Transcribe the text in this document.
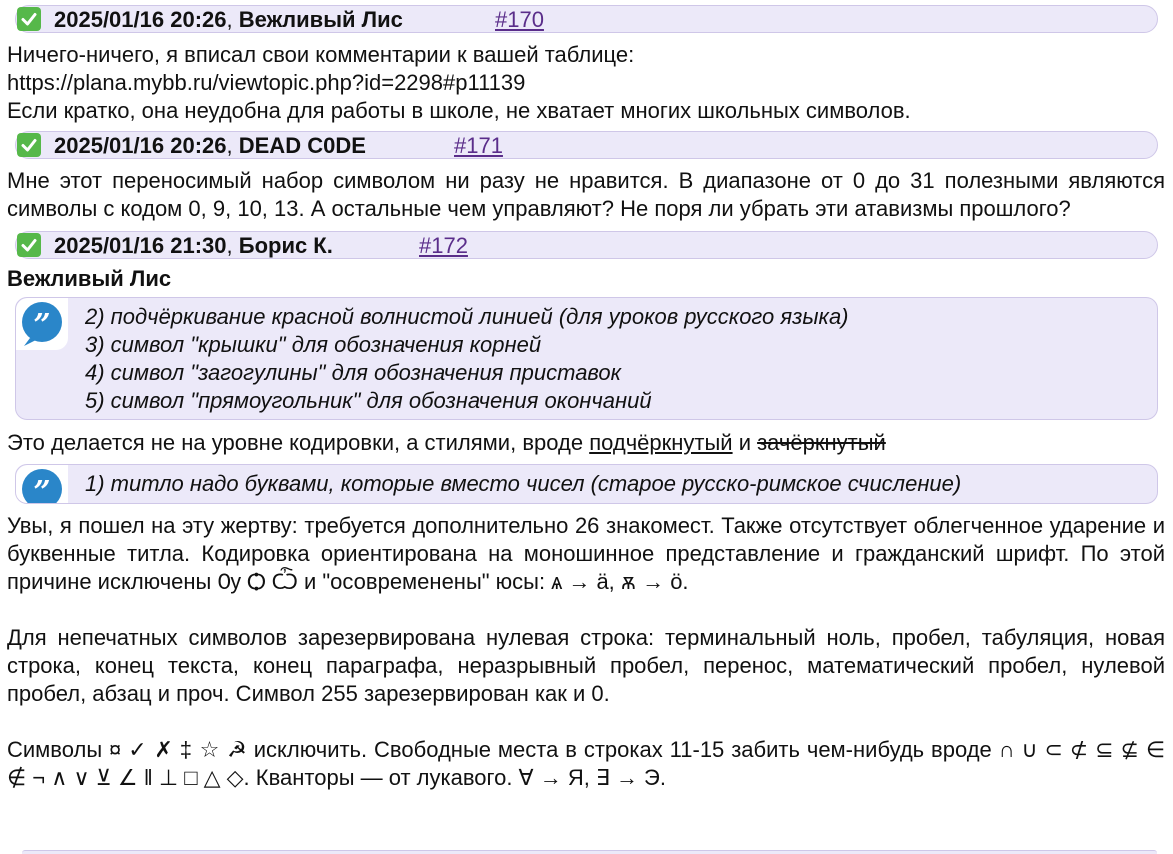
2025/01/16 20:26, Вежливый Лис	#170

Ничего-ничего, я вписал свои комментарии к вашей таблице:

https://plana.mybb.ru/viewtopic.php?id=2298#p11139

Если кратко, она неудобна для работы в школе, не хватает многих школьных символов.

2025/01/16 20:26, DEAD C0DE	#171

Мне этот переносимый набор символом ни разу не нравится. В диапазоне от 0 до 31 полезными являются символы с кодом 0, 9, 10, 13. А остальные чем управляют? Не поря ли убрать эти атавизмы прошлого?

2025/01/16 21:30, Борис К.	#172
Вежливый Лис
” 2) подчёркивание красной волнистой линией (для уроков русского языка)
3) символ "крышки" для обозначения корней
4) символ "загогулины" для обозначения приставок
5) символ "прямоугольник" для обозначения окончаний
Это делается не на уровне кодировки, а стилями, вроде подчёркнутый и зачёркнутый
” 1) титло надо буквами, которые вместо чисел (старое русско-римское счисление)

Увы, я пошел на эту жертву: требуется дополнительно 26 знакомест. Также отсутствует облегченное ударение и буквенные титла. Кодировка ориентирована на моношинное представление и гражданский шрифт. По этой причине исключены Ѹ Ѻ Ѽ и "осовременены" юсы: ѧ → ä, ѫ → ö.

Для непечатных символов зарезервирована нулевая строка: терминальный ноль, пробел, табуляция, новая строка, конец текста, конец параграфа, неразрывный пробел, перенос, математический пробел, нулевой пробел, абзац и проч. Символ 255 зарезервирован как и 0.

Символы ¤ ✓ ✗ ‡ ☆ ☭ исключить. Свободные места в строках 11-15 забить чем-нибудь вроде ∩ ∪ ⊂ ⊄ ⊆ ⊈ ∈ ∉ ¬ ∧ ∨ ⊻ ∠ ‖ ⊥ □ △ ◇. Кванторы — от лукавого. ∀ → Я, ∃ → Э.
